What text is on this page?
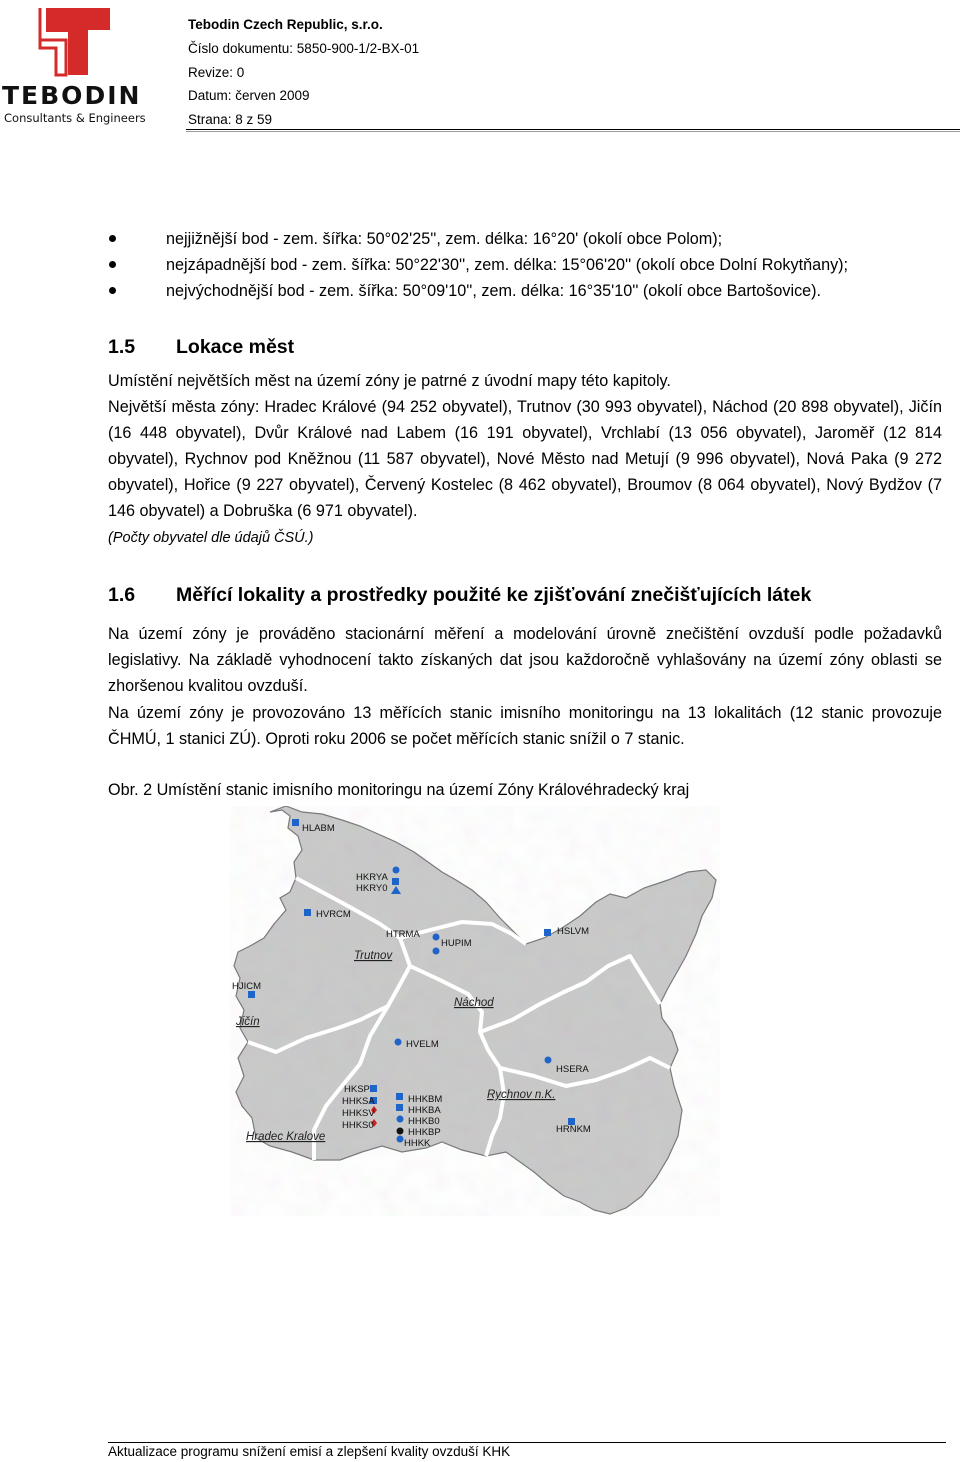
TEBODIN
Consultants & Engineers
Tebodin Czech Republic, s.r.o.
Číslo dokumentu: 5850-900-1/2-BX-01
Revize: 0
Datum: červen 2009
Strana: 8 z 59
nejjižnější bod - zem. šířka: 50°02'25'', zem. délka: 16°20' (okolí obce Polom);
nejzápadnější bod - zem. šířka: 50°22'30'', zem. délka: 15°06'20'' (okolí obce Dolní Rokytňany);
nejvýchodnější bod - zem. šířka: 50°09'10'', zem. délka: 16°35'10'' (okolí obce Bartošovice).
1.5 Lokace měst
Umístění největších měst na území zóny je patrné z úvodní mapy této kapitoly.
Největší města zóny: Hradec Králové (94 252 obyvatel), Trutnov (30 993 obyvatel), Náchod (20 898 obyvatel), Jičín (16 448 obyvatel), Dvůr Králové nad Labem (16 191 obyvatel), Vrchlabí (13 056 obyvatel), Jaroměř (12 814 obyvatel), Rychnov pod Kněžnou (11 587 obyvatel), Nové Město nad Metují (9 996 obyvatel), Nová Paka (9 272 obyvatel), Hořice (9 227 obyvatel), Červený Kostelec (8 462 obyvatel), Broumov (8 064 obyvatel), Nový Bydžov (7 146 obyvatel) a Dobruška (6 971 obyvatel).
(Počty obyvatel dle údajů ČSÚ.)
1.6 Měřící lokality a prostředky použité ke zjišťování znečišťujících látek
Na území zóny je prováděno stacionární měření a modelování úrovně znečištění ovzduší podle požadavků legislativy. Na základě vyhodnocení takto získaných dat jsou každoročně vyhlašovány na území zóny oblasti se zhoršenou kvalitou ovzduší.
Na území zóny je provozováno 13 měřících stanic imisního monitoringu na 13 lokalitách (12 stanic provozuje ČHMÚ, 1 stanici ZÚ). Oproti roku 2006 se počet měřících stanic snížil o 7 stanic.
Obr. 2 Umístění stanic imisního monitoringu na území Zóny Královéhradecký kraj
Trutnov
Náchod
Jičín
Rychnov n.K.
Hradec Kralove
HLABM
HKRYA
HKRY0
HVRCM
HTRMA
HUPIM
HSLVM
HJICM
HVELM
HSERA
HKSP
HHKSA
HHKSV
HHKS0
HHKBM
HHKBA
HHKB0
HHKBP
HHKK
HRNKM
Aktualizace programu snížení emisí a zlepšení kvality ovzduší KHK
